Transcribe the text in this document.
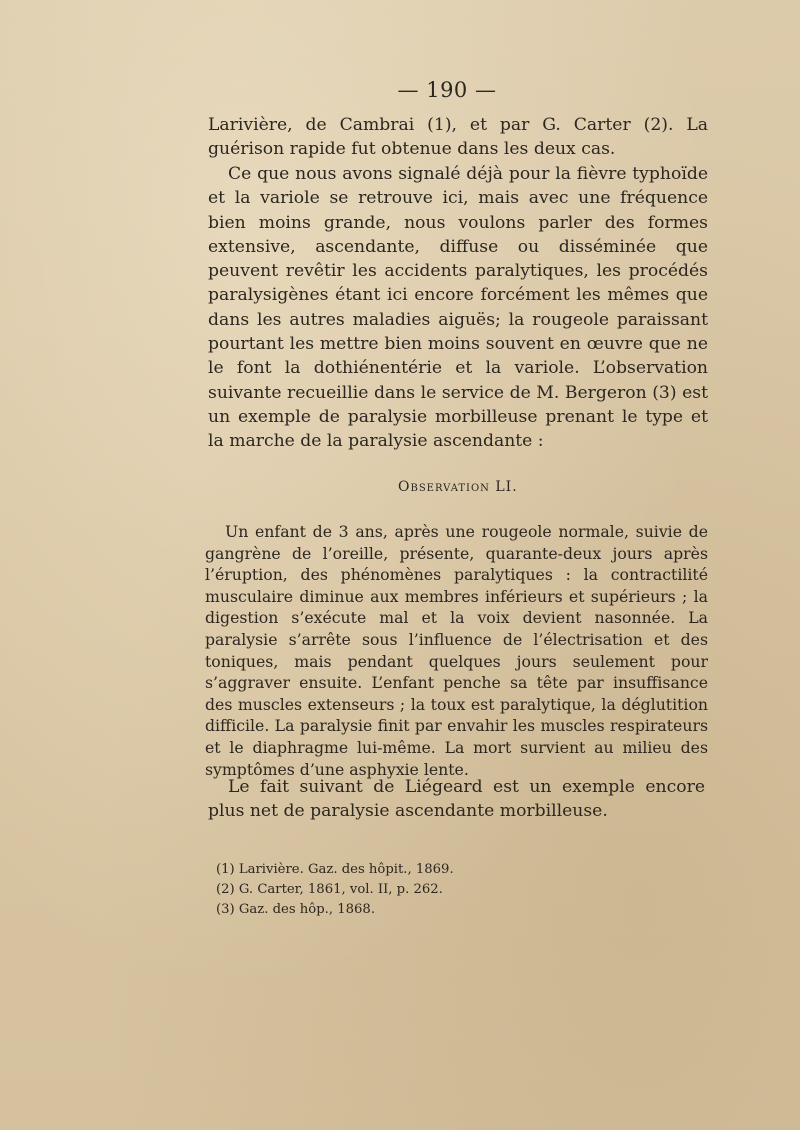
— 190 —

Larivière, de Cambrai (1), et par G. Carter (2). La guérison rapide fut obtenue dans les deux cas.

Ce que nous avons signalé déjà pour la fièvre typhoïde et la variole se retrouve ici, mais avec une fréquence bien moins grande, nous voulons parler des formes extensive, ascendante, diffuse ou disséminée que peuvent revêtir les accidents paralytiques, les procédés paralysigènes étant ici encore forcément les mêmes que dans les autres maladies aiguës; la rougeole paraissant pourtant les mettre bien moins souvent en œuvre que ne le font la dothiénentérie et la variole. L’observation suivante recueillie dans le service de M. Bergeron (3) est un exemple de paralysie morbilleuse prenant le type et la marche de la paralysie ascendante :

Observation LI.
Un enfant de 3 ans, après une rougeole normale, suivie de gangrène de l’oreille, présente, quarante-deux jours après l’éruption, des phénomènes paralytiques : la contractilité musculaire diminue aux membres inférieurs et supérieurs ; la digestion s’exécute mal et la voix devient nasonnée. La paralysie s’arrête sous l’influence de l’électrisation et des toniques, mais pendant quelques jours seulement pour s’aggraver ensuite. L’enfant penche sa tête par insuffisance des muscles extenseurs ; la toux est paralytique, la déglutition difficile. La paralysie finit par envahir les muscles respirateurs et le diaphragme lui-même. La mort survient au milieu des symptômes d’une asphyxie lente.
Le fait suivant de Liégeard est un exemple encore plus net de paralysie ascendante morbilleuse.
(1) Larivière. Gaz. des hôpit., 1869.
(2) G. Carter, 1861, vol. II, p. 262.
(3) Gaz. des hôp., 1868.
